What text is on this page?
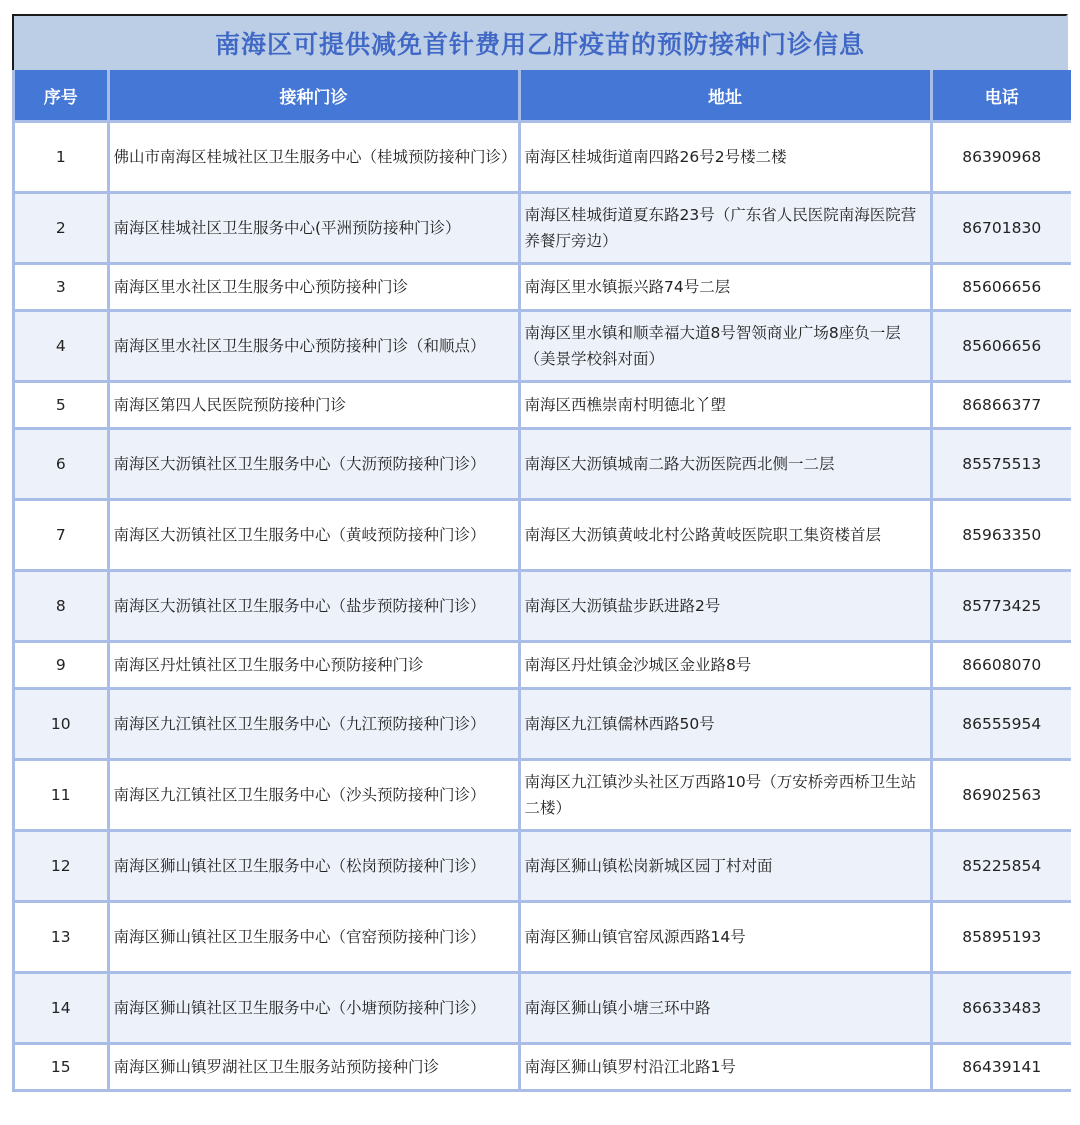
南海区可提供减免首针费用乙肝疫苗的预防接种门诊信息
序号	接种门诊	地址	电话
1	佛山市南海区桂城社区卫生服务中心（桂城预防接种门诊）	南海区桂城街道南四路26号2号楼二楼	86390968
2	南海区桂城社区卫生服务中心(平洲预防接种门诊）	南海区桂城街道夏东路23号（广东省人民医院南海医院营养餐厅旁边）	86701830
3	南海区里水社区卫生服务中心预防接种门诊	南海区里水镇振兴路74号二层	85606656
4	南海区里水社区卫生服务中心预防接种门诊（和顺点）	南海区里水镇和顺幸福大道8号智领商业广场8座负一层（美景学校斜对面）	85606656
5	南海区第四人民医院预防接种门诊	南海区西樵崇南村明德北丫塱	86866377
6	南海区大沥镇社区卫生服务中心（大沥预防接种门诊）	南海区大沥镇城南二路大沥医院西北侧一二层	85575513
7	南海区大沥镇社区卫生服务中心（黄岐预防接种门诊）	南海区大沥镇黄岐北村公路黄岐医院职工集资楼首层	85963350
8	南海区大沥镇社区卫生服务中心（盐步预防接种门诊）	南海区大沥镇盐步跃进路2号	85773425
9	南海区丹灶镇社区卫生服务中心预防接种门诊	南海区丹灶镇金沙城区金业路8号	86608070
10	南海区九江镇社区卫生服务中心（九江预防接种门诊）	南海区九江镇儒林西路50号	86555954
11	南海区九江镇社区卫生服务中心（沙头预防接种门诊）	南海区九江镇沙头社区万西路10号（万安桥旁西桥卫生站二楼）	86902563
12	南海区狮山镇社区卫生服务中心（松岗预防接种门诊）	南海区狮山镇松岗新城区园丁村对面	85225854
13	南海区狮山镇社区卫生服务中心（官窑预防接种门诊）	南海区狮山镇官窑凤源西路14号	85895193
14	南海区狮山镇社区卫生服务中心（小塘预防接种门诊）	南海区狮山镇小塘三环中路	86633483
15	南海区狮山镇罗湖社区卫生服务站预防接种门诊	南海区狮山镇罗村沿江北路1号	86439141
